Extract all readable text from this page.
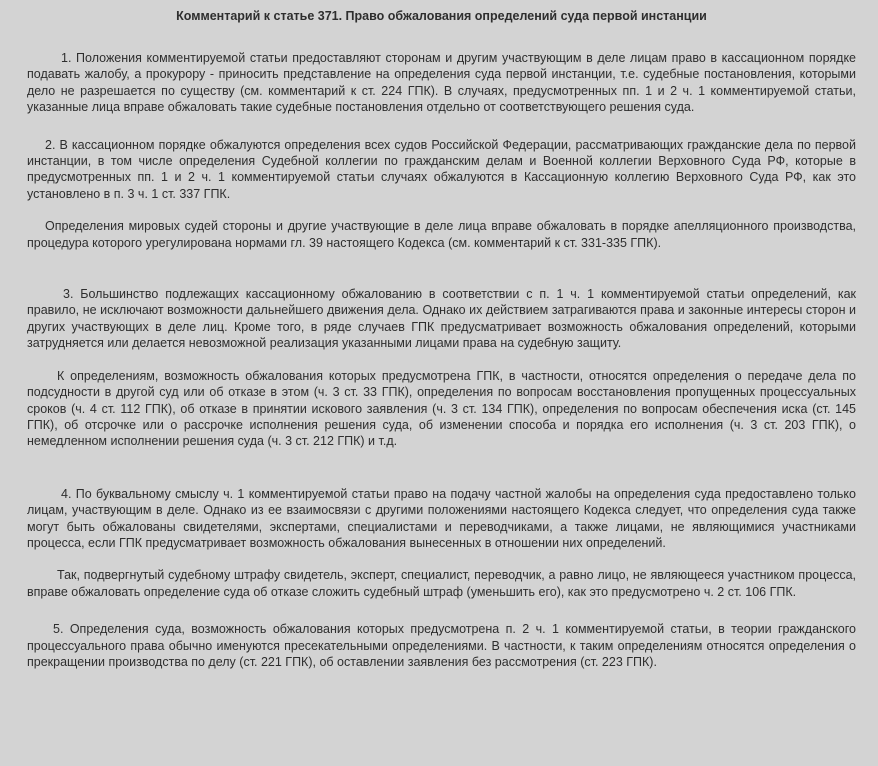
Комментарий к статье 371. Право обжалования определений суда первой инстанции

1. Положения комментируемой статьи предоставляют сторонам и другим участвующим в деле лицам право в кассационном порядке подавать жалобу, а прокурору - приносить представление на определения суда первой инстанции, т.е. судебные постановления, которыми дело не разрешается по существу (см. комментарий к ст. 224 ГПК). В случаях, предусмотренных пп. 1 и 2 ч. 1 комментируемой статьи, указанные лица вправе обжаловать такие судебные постановления отдельно от соответствующего решения суда.

2. В кассационном порядке обжалуются определения всех судов Российской Федерации, рассматривающих гражданские дела по первой инстанции, в том числе определения Судебной коллегии по гражданским делам и Военной коллегии Верховного Суда РФ, которые в предусмотренных пп. 1 и 2 ч. 1 комментируемой статьи случаях обжалуются в Кассационную коллегию Верховного Суда РФ, как это установлено в п. 3 ч. 1 ст. 337 ГПК.

Определения мировых судей стороны и другие участвующие в деле лица вправе обжаловать в порядке апелляционного производства, процедура которого урегулирована нормами гл. 39 настоящего Кодекса (см. комментарий к ст. 331-335 ГПК).

3. Большинство подлежащих кассационному обжалованию в соответствии с п. 1 ч. 1 комментируемой статьи определений, как правило, не исключают возможности дальнейшего движения дела. Однако их действием затрагиваются права и законные интересы сторон и других участвующих в деле лиц. Кроме того, в ряде случаев ГПК предусматривает возможность обжалования определений, которыми затрудняется или делается невозможной реализация указанными лицами права на судебную защиту.

К определениям, возможность обжалования которых предусмотрена ГПК, в частности, относятся определения о передаче дела по подсудности в другой суд или об отказе в этом (ч. 3 ст. 33 ГПК), определения по вопросам восстановления пропущенных процессуальных сроков (ч. 4 ст. 112 ГПК), об отказе в принятии искового заявления (ч. 3 ст. 134 ГПК), определения по вопросам обеспечения иска (ст. 145 ГПК), об отсрочке или о рассрочке исполнения решения суда, об изменении способа и порядка его исполнения (ч. 3 ст. 203 ГПК), о немедленном исполнении решения суда (ч. 3 ст. 212 ГПК) и т.д.

4. По буквальному смыслу ч. 1 комментируемой статьи право на подачу частной жалобы на определения суда предоставлено только лицам, участвующим в деле. Однако из ее взаимосвязи с другими положениями настоящего Кодекса следует, что определения суда также могут быть обжалованы свидетелями, экспертами, специалистами и переводчиками, а также лицами, не являющимися участниками процесса, если ГПК предусматривает возможность обжалования вынесенных в отношении них определений.

Так, подвергнутый судебному штрафу свидетель, эксперт, специалист, переводчик, а равно лицо, не являющееся участником процесса, вправе обжаловать определение суда об отказе сложить судебный штраф (уменьшить его), как это предусмотрено ч. 2 ст. 106 ГПК.

5. Определения суда, возможность обжалования которых предусмотрена п. 2 ч. 1 комментируемой статьи, в теории гражданского процессуального права обычно именуются пресекательными определениями. В частности, к таким определениям относятся определения о прекращении производства по делу (ст. 221 ГПК), об оставлении заявления без рассмотрения (ст. 223 ГПК).
